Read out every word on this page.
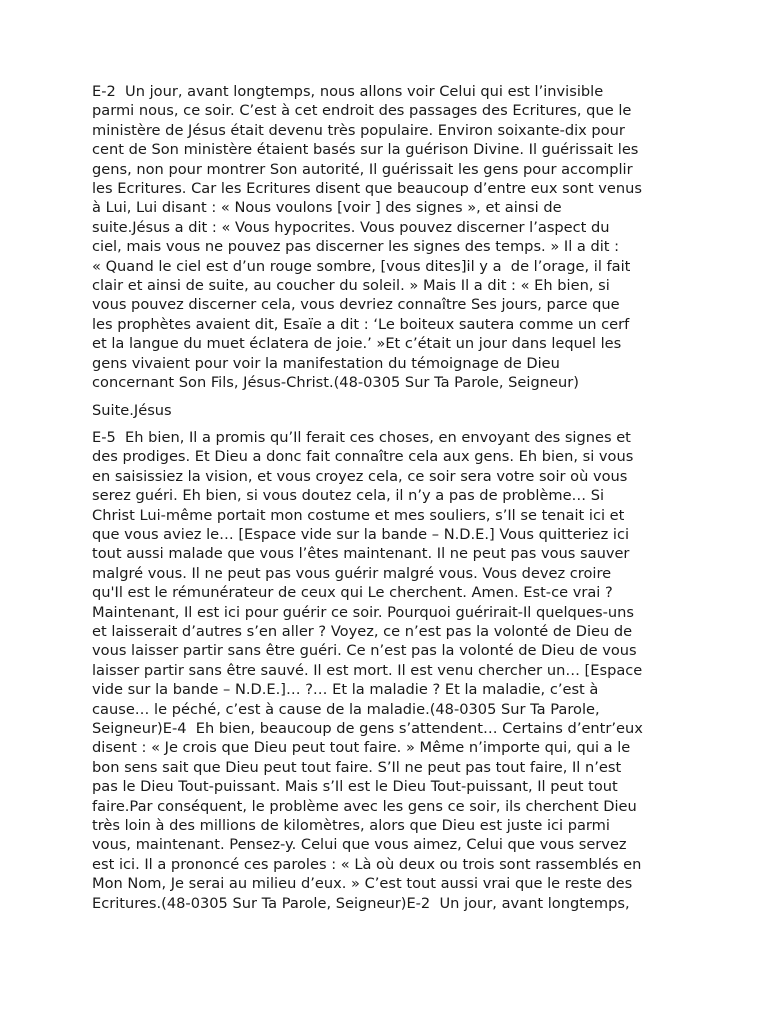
E-2  Un jour, avant longtemps, nous allons voir Celui qui est l’invisible
parmi nous, ce soir. C’est à cet endroit des passages des Ecritures, que le
ministère de Jésus était devenu très populaire. Environ soixante-dix pour
cent de Son ministère étaient basés sur la guérison Divine. Il guérissait les
gens, non pour montrer Son autorité, Il guérissait les gens pour accomplir
les Ecritures. Car les Ecritures disent que beaucoup d’entre eux sont venus
à Lui, Lui disant : « Nous voulons [voir ] des signes », et ainsi de
suite.Jésus a dit : « Vous hypocrites. Vous pouvez discerner l’aspect du
ciel, mais vous ne pouvez pas discerner les signes des temps. » Il a dit :
« Quand le ciel est d’un rouge sombre, [vous dites]il y a  de l’orage, il fait
clair et ainsi de suite, au coucher du soleil. » Mais Il a dit : « Eh bien, si
vous pouvez discerner cela, vous devriez connaître Ses jours, parce que
les prophètes avaient dit, Esaïe a dit : ‘Le boiteux sautera comme un cerf
et la langue du muet éclatera de joie.’ »Et c’était un jour dans lequel les
gens vivaient pour voir la manifestation du témoignage de Dieu
concernant Son Fils, Jésus-Christ.(48-0305 Sur Ta Parole, Seigneur)

Suite.Jésus

E-5  Eh bien, Il a promis qu’Il ferait ces choses, en envoyant des signes et
des prodiges. Et Dieu a donc fait connaître cela aux gens. Eh bien, si vous
en saisissiez la vision, et vous croyez cela, ce soir sera votre soir où vous
serez guéri. Eh bien, si vous doutez cela, il n’y a pas de problème… Si
Christ Lui-même portait mon costume et mes souliers, s’Il se tenait ici et
que vous aviez le… [Espace vide sur la bande – N.D.E.] Vous quitteriez ici
tout aussi malade que vous l’êtes maintenant. Il ne peut pas vous sauver
malgré vous. Il ne peut pas vous guérir malgré vous. Vous devez croire
qu'Il est le rémunérateur de ceux qui Le cherchent. Amen. Est-ce vrai ?
Maintenant, Il est ici pour guérir ce soir. Pourquoi guérirait-Il quelques-uns
et laisserait d’autres s’en aller ? Voyez, ce n’est pas la volonté de Dieu de
vous laisser partir sans être guéri. Ce n’est pas la volonté de Dieu de vous
laisser partir sans être sauvé. Il est mort. Il est venu chercher un… [Espace
vide sur la bande – N.D.E.]… ?… Et la maladie ? Et la maladie, c’est à
cause… le péché, c’est à cause de la maladie.(48-0305 Sur Ta Parole,
Seigneur)E-4  Eh bien, beaucoup de gens s’attendent… Certains d’entr’eux
disent : « Je crois que Dieu peut tout faire. » Même n’importe qui, qui a le
bon sens sait que Dieu peut tout faire. S’Il ne peut pas tout faire, Il n’est
pas le Dieu Tout-puissant. Mais s’Il est le Dieu Tout-puissant, Il peut tout
faire.Par conséquent, le problème avec les gens ce soir, ils cherchent Dieu
très loin à des millions de kilomètres, alors que Dieu est juste ici parmi
vous, maintenant. Pensez-y. Celui que vous aimez, Celui que vous servez
est ici. Il a prononcé ces paroles : « Là où deux ou trois sont rassemblés en
Mon Nom, Je serai au milieu d’eux. » C’est tout aussi vrai que le reste des
Ecritures.(48-0305 Sur Ta Parole, Seigneur)E-2  Un jour, avant longtemps,
